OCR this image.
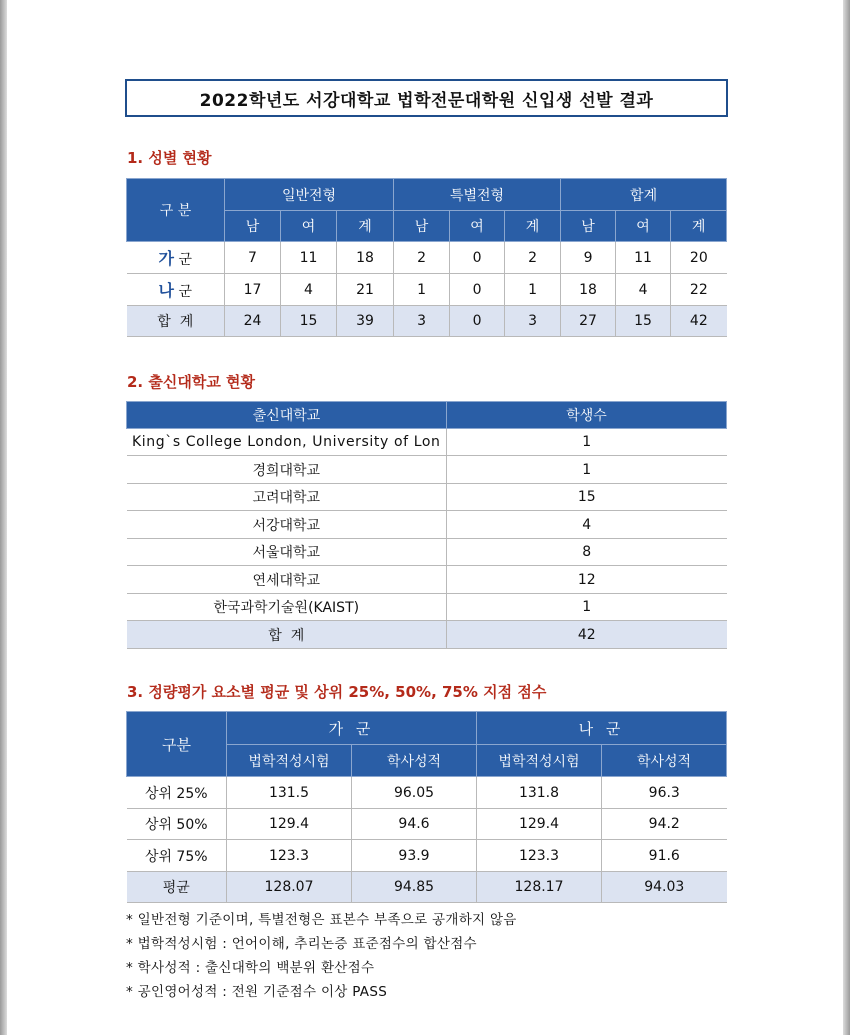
2022학년도 서강대학교 법학전문대학원 신입생 선발 결과
1. 성별 현황
구 분	일반전형			특별전형			합계		
	남	여	계	남	여	계	남	여	계
가 군	7	11	18	2	0	2	9	11	20
나 군	17	4	21	1	0	1	18	4	22
합  계	24	15	39	3	0	3	27	15	42
2. 출신대학교 현황
출신대학교	학생수
King`s College London, University of Lon	1
경희대학교	1
고려대학교	15
서강대학교	4
서울대학교	8
연세대학교	12
한국과학기술원(KAIST)	1
합  계	42
3. 정량평가 요소별 평균 및 상위 25%, 50%, 75% 지점 점수
구분	가 군		나 군	
	법학적성시험	학사성적	법학적성시험	학사성적
상위 25%	131.5	96.05	131.8	96.3
상위 50%	129.4	94.6	129.4	94.2
상위 75%	123.3	93.9	123.3	91.6
평균	128.07	94.85	128.17	94.03
* 일반전형 기준이며, 특별전형은 표본수 부족으로 공개하지 않음
* 법학적성시험 : 언어이해, 추리논증 표준점수의 합산점수
* 학사성적 : 출신대학의 백분위 환산점수
* 공인영어성적 : 전원 기준점수 이상 PASS
